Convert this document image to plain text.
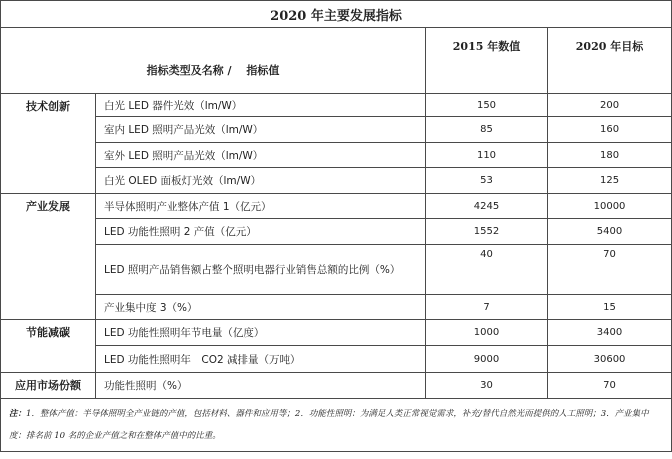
2020 年主要发展指标			
指标类型及名称 /　 指标值		2015 年数值	2020 年目标
技术创新	白光 LED 器件光效（lm/W）	150	200
	室内 LED 照明产品光效（lm/W）	85	160
	室外 LED 照明产品光效（lm/W）	110	180
	白光 OLED 面板灯光效（lm/W）	53	125
产业发展	半导体照明产业整体产值 1（亿元）	4245	10000
	LED 功能性照明 2 产值（亿元）	1552	5400
	LED 照明产品销售额占整个照明电器行业销售总额的比例（%）	40	70
	产业集中度 3（%）	7	15
节能减碳	LED 功能性照明年节电量（亿度）	1000	3400
	LED 功能性照明年　CO2 减排量（万吨）	9000	30600
应用市场份额	功能性照明（%）	30	70
注：1．整体产值：半导体照明全产业链的产值，包括材料、器件和应用等；2．功能性照明：为满足人类正常视觉需求，补充/替代自然光而提供的人工照明；3．产业集中度：排名前 10 名的企业产值之和在整体产值中的比重。			
